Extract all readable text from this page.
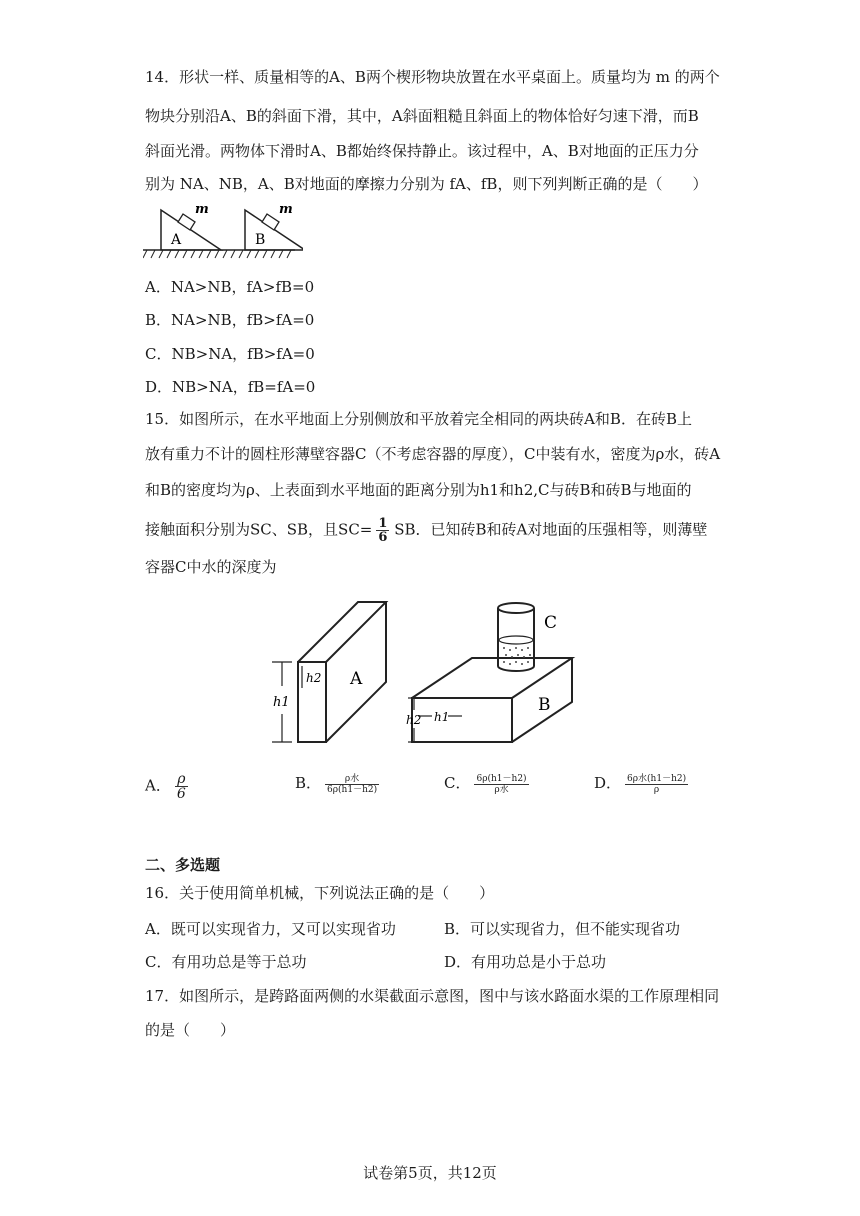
14．形状一样、质量相等的A、B两个楔形物块放置在水平桌面上。质量均为 m 的两个
物块分别沿A、B的斜面下滑，其中，A斜面粗糙且斜面上的物体恰好匀速下滑，而B
斜面光滑。两物体下滑时A、B都始终保持静止。该过程中，A、B对地面的正压力分
别为 NA、NB，A、B对地面的摩擦力分别为 fA、fB，则下列判断正确的是（　　）
m
A
m
B
A．NA>NB，fA>fB=0
B．NA>NB，fB>fA=0
C．NB>NA，fB>fA=0
D．NB>NA，fB=fA=0
15．如图所示，在水平地面上分别侧放和平放着完全相同的两块砖A和B．在砖B上
放有重力不计的圆柱形薄壁容器C（不考虑容器的厚度），C中装有水，密度为ρ水，砖A
和B的密度均为ρ、上表面到水平地面的距离分别为h1和h2,C与砖B和砖B与地面的
接触面积分别为SC、SB，且$SC= \frac{1}{6}$ SB．已知砖B和砖A对地面的压强相等，则薄壁
容器C中水的深度为
h1
h2 A
h2 h1
B
C
A． $\frac{\rho}{6}$	B． $\frac{\text{ρ水}}{6\rho(h1-h2)}$	C． $\frac{6\rho(h1-h2)}{\text{ρ水}}$	D． $\frac{\text{6ρ水(h1－h2)}}{\rho}$
二、多选题
16．关于使用简单机械，下列说法正确的是（　　）
A．既可以实现省力，又可以实现省功	B．可以实现省力，但不能实现省功
C．有用功总是等于总功	D．有用功总是小于总功
17．如图所示，是跨路面两侧的水渠截面示意图，图中与该水路面水渠的工作原理相同
的是（　　）
试卷第5页，共12页
